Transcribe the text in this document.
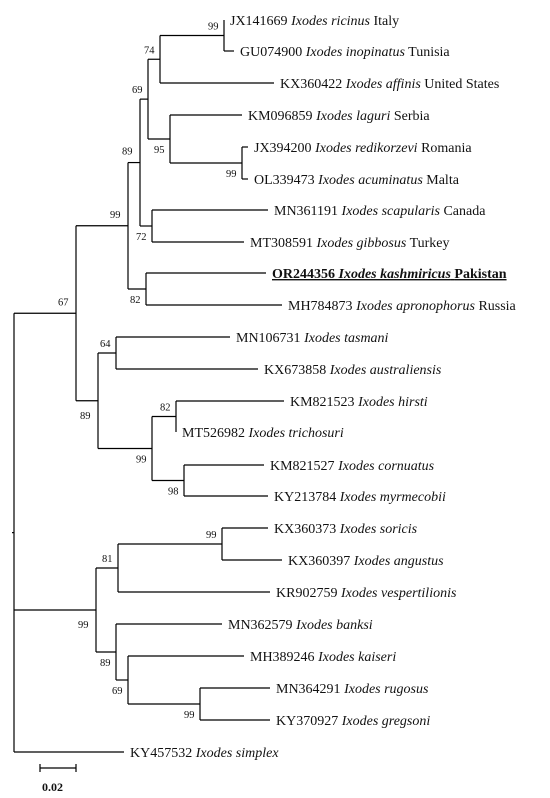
JX141669 Ixodes ricinus Italy
GU074900 Ixodes inopinatus Tunisia
KX360422 Ixodes affinis United States
KM096859 Ixodes laguri Serbia
JX394200 Ixodes redikorzevi Romania
OL339473 Ixodes acuminatus Malta
MN361191 Ixodes scapularis Canada
MT308591 Ixodes gibbosus Turkey
OR244356 Ixodes kashmiricus Pakistan
MH784873 Ixodes apronophorus Russia
MN106731 Ixodes tasmani
KX673858 Ixodes australiensis
KM821523 Ixodes hirsti
MT526982 Ixodes trichosuri
KM821527 Ixodes cornuatus
KY213784 Ixodes myrmecobii
KX360373 Ixodes soricis
KX360397 Ixodes angustus
KR902759 Ixodes vespertilionis
MN362579 Ixodes banksi
MH389246 Ixodes kaiseri
MN364291 Ixodes rugosus
KY370927 Ixodes gregsoni
KY457532 Ixodes simplex
99
74
99
95
69
72
89
82
99
64
82
98
99
89
67
99
81
99
69
89
99
0.02
